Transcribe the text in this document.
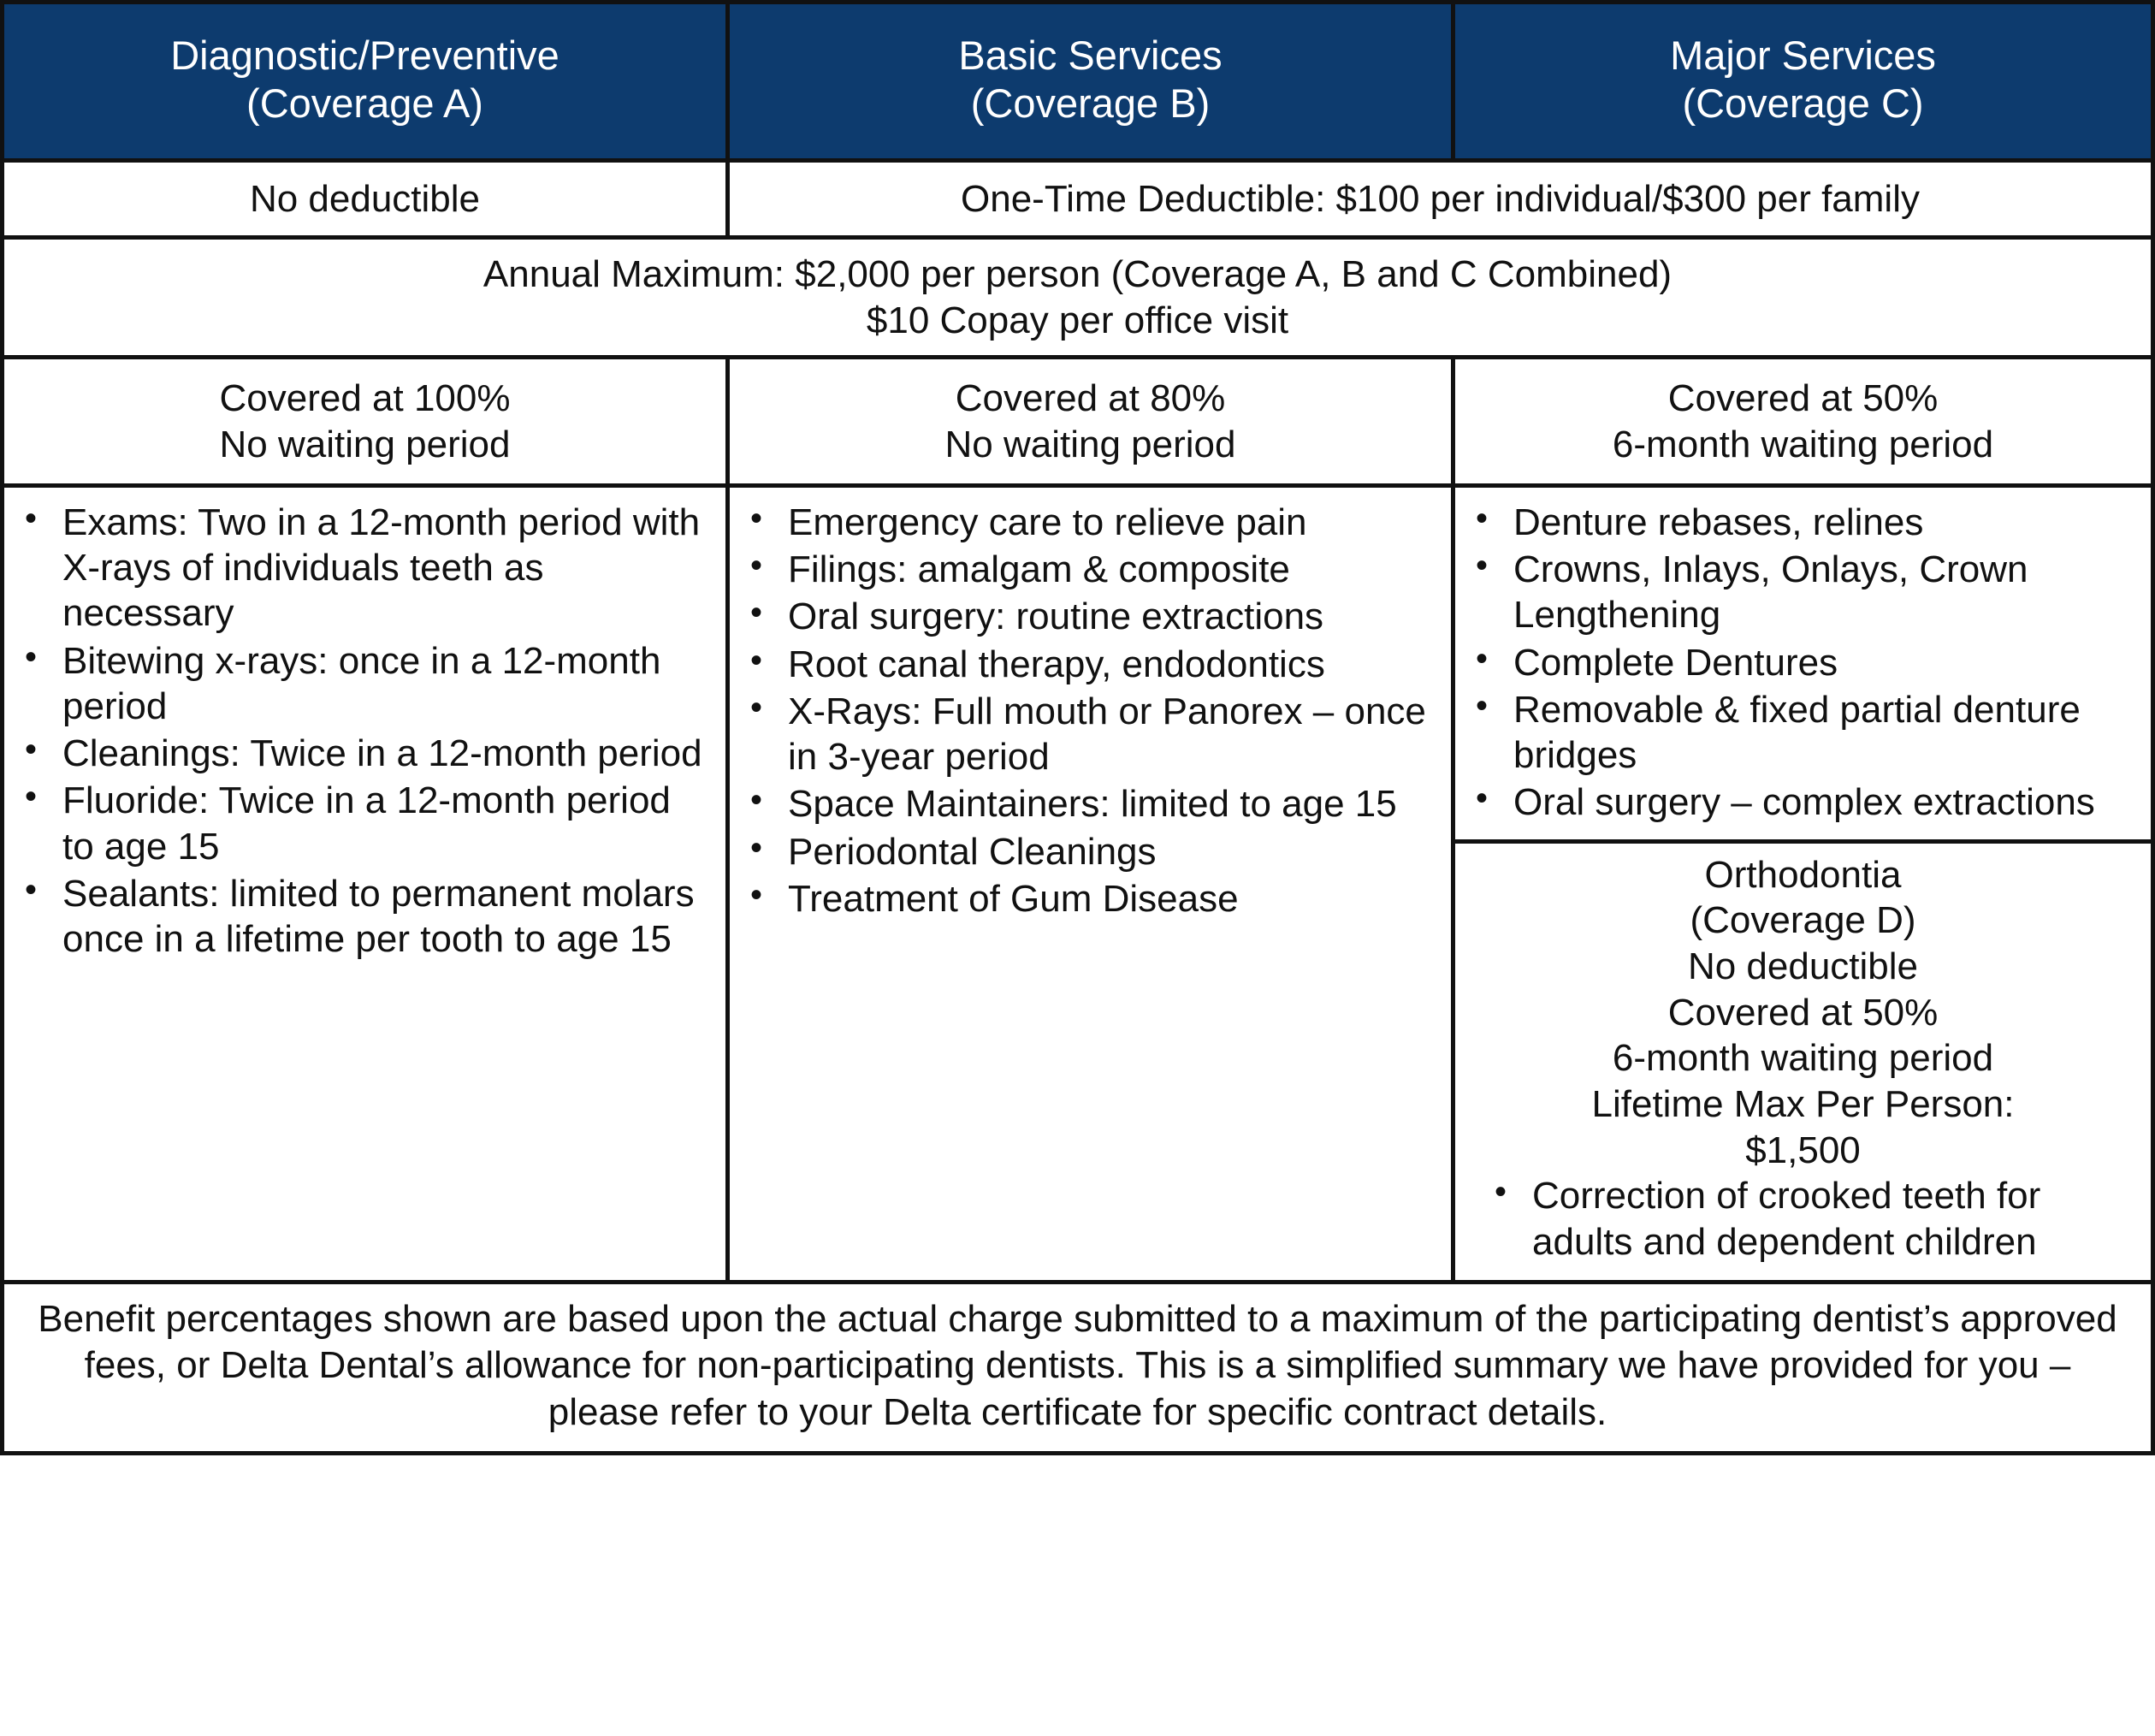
Diagnostic/Preventive
(Coverage A)
Basic Services
(Coverage B)
Major Services
(Coverage C)
No deductible	One-Time Deductible: $100 per individual/$300 per family
Annual Maximum: $2,000 per person (Coverage A, B and C Combined)
$10 Copay per office visit
Covered at 100%
No waiting period
Covered at 80%
No waiting period
Covered at 50%
6-month waiting period
• Exams: Two in a 12-month period with X-rays of individuals teeth as necessary
• Bitewing x-rays: once in a 12-month period
• Cleanings: Twice in a 12-month period
• Fluoride: Twice in a 12-month period to age 15
• Sealants: limited to permanent molars once in a lifetime per tooth to age 15
• Emergency care to relieve pain
• Filings: amalgam & composite
• Oral surgery: routine extractions
• Root canal therapy, endodontics
• X-Rays: Full mouth or Panorex – once in 3-year period
• Space Maintainers: limited to age 15
• Periodontal Cleanings
• Treatment of Gum Disease
• Denture rebases, relines
• Crowns, Inlays, Onlays, Crown Lengthening
• Complete Dentures
• Removable & fixed partial denture bridges
• Oral surgery – complex extractions
Orthodontia
(Coverage D)
No deductible
Covered at 50%
6-month waiting period
Lifetime Max Per Person:
$1,500
• Correction of crooked teeth for adults and dependent children
Benefit percentages shown are based upon the actual charge submitted to a maximum of the participating dentist’s approved fees, or Delta Dental’s allowance for non-participating dentists. This is a simplified summary we have provided for you – please refer to your Delta certificate for specific contract details.
